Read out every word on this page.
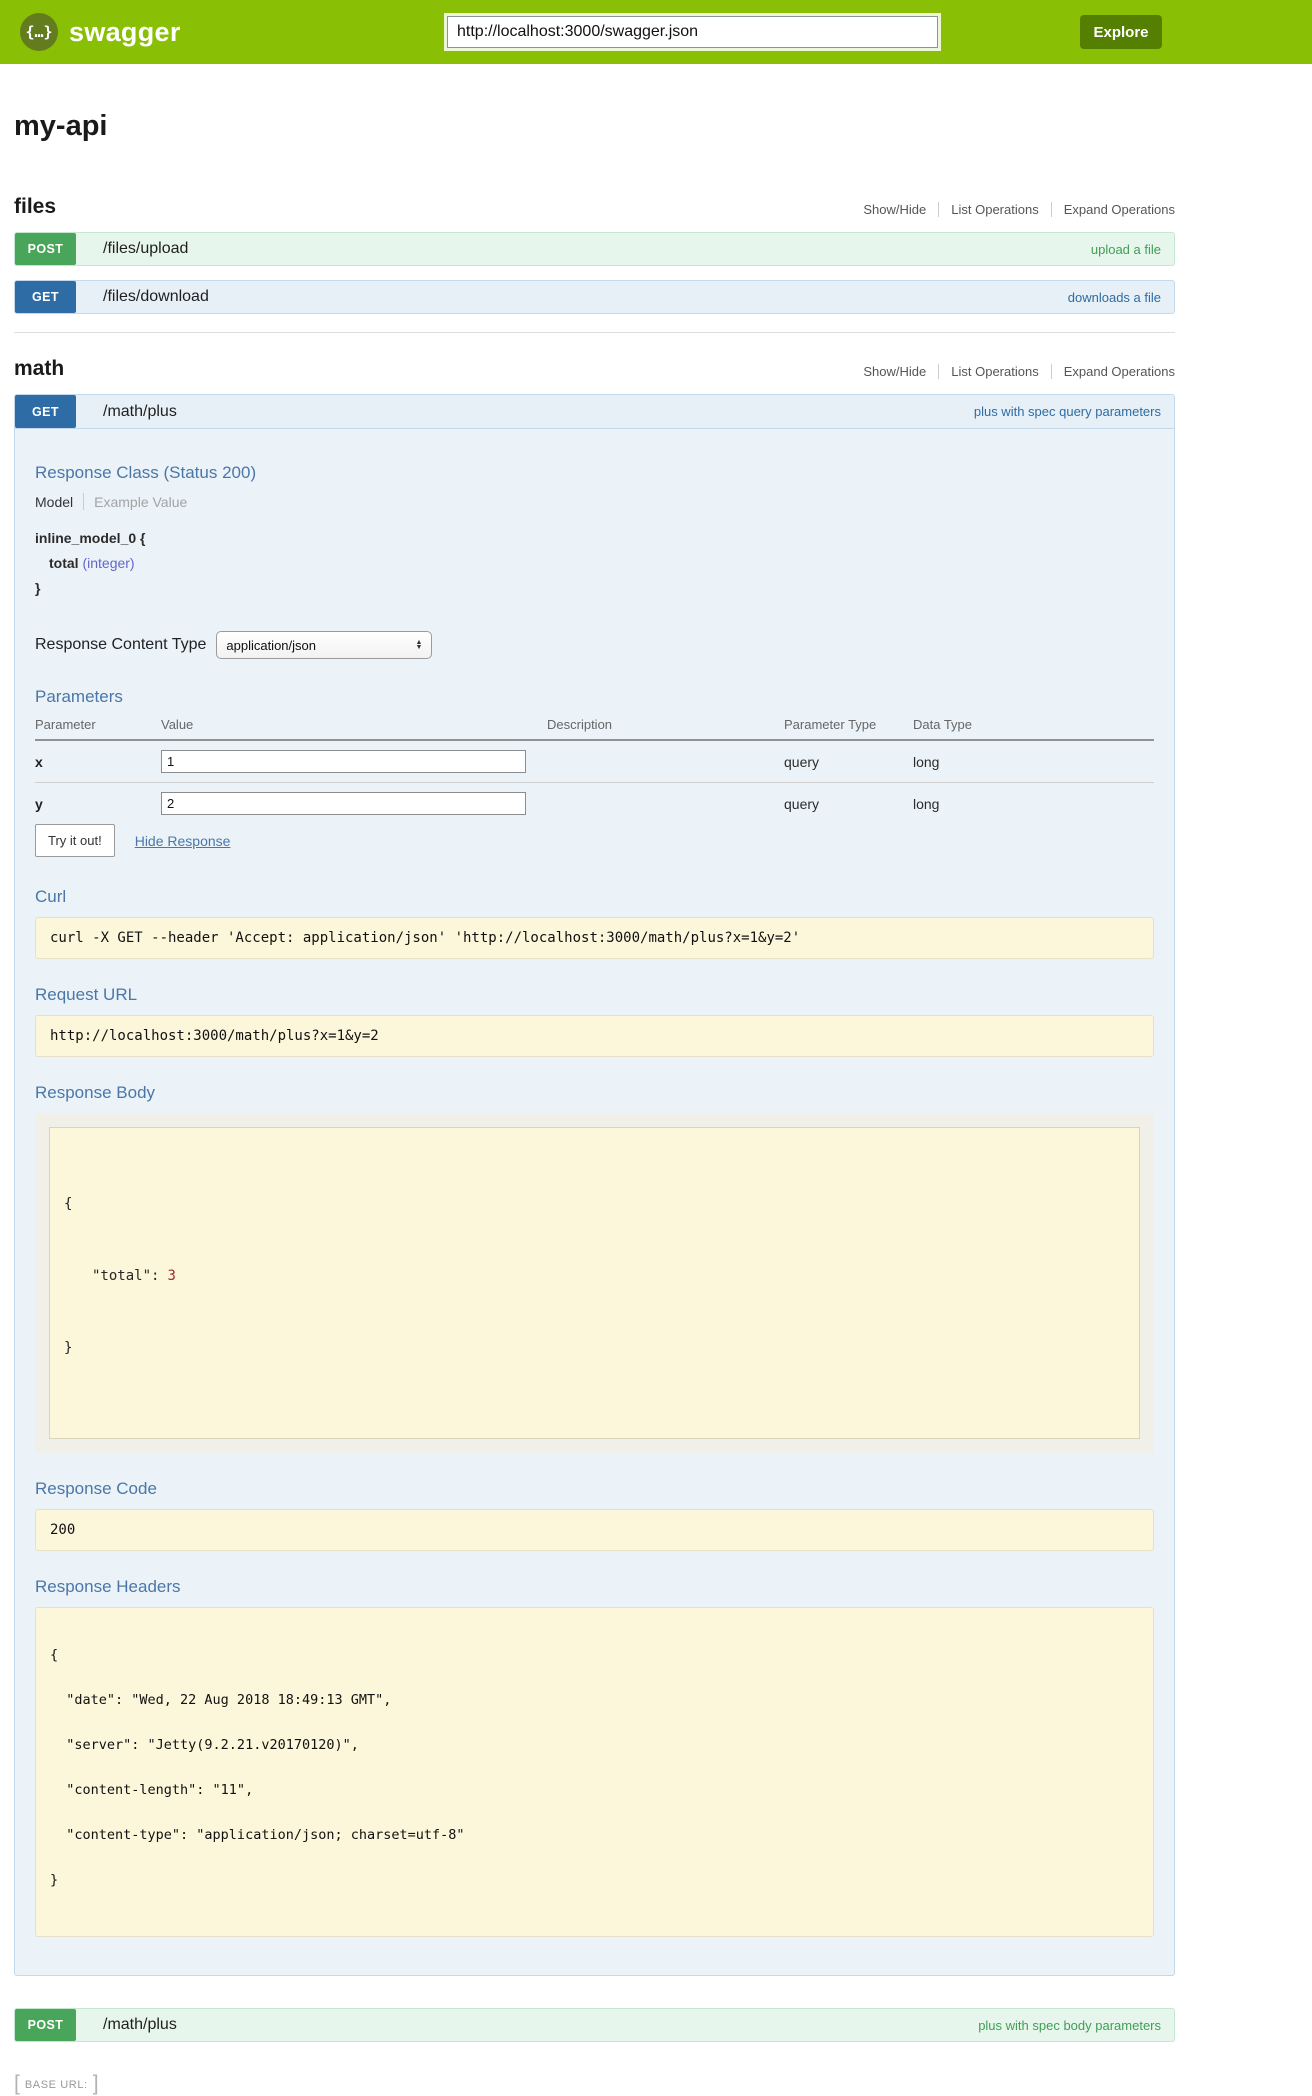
{…} swagger
http://localhost:3000/swagger.json	Explore
my-api
files	Show/Hide List Operations Expand Operations
POST	/files/upload	upload a file
GET	/files/download	downloads a file
math	Show/Hide List Operations Expand Operations
GET	/math/plus	plus with spec query parameters
Response Class (Status 200)
Model Example Value
inline_model_0 {
total (integer)
}
Response Content Type application/json	▲
▼
Parameters
Parameter	Value	Description	Parameter Type	Data Type
x	1		query	long
y	2		query	long
Try it out!	Hide Response
Curl
curl -X GET --header 'Accept: application/json' 'http://localhost:3000/math/plus?x=1&y=2'
Request URL
http://localhost:3000/math/plus?x=1&y=2
Response Body

{

"total": 3

}

Response Code
200
Response Headers

{

"date": "Wed, 22 Aug 2018 18:49:13 GMT",

"server": "Jetty(9.2.21.v20170120)",

"content-length": "11",

"content-type": "application/json; charset=utf-8"

}

POST	/math/plus	plus with spec body parameters
[ BASE URL: ]
